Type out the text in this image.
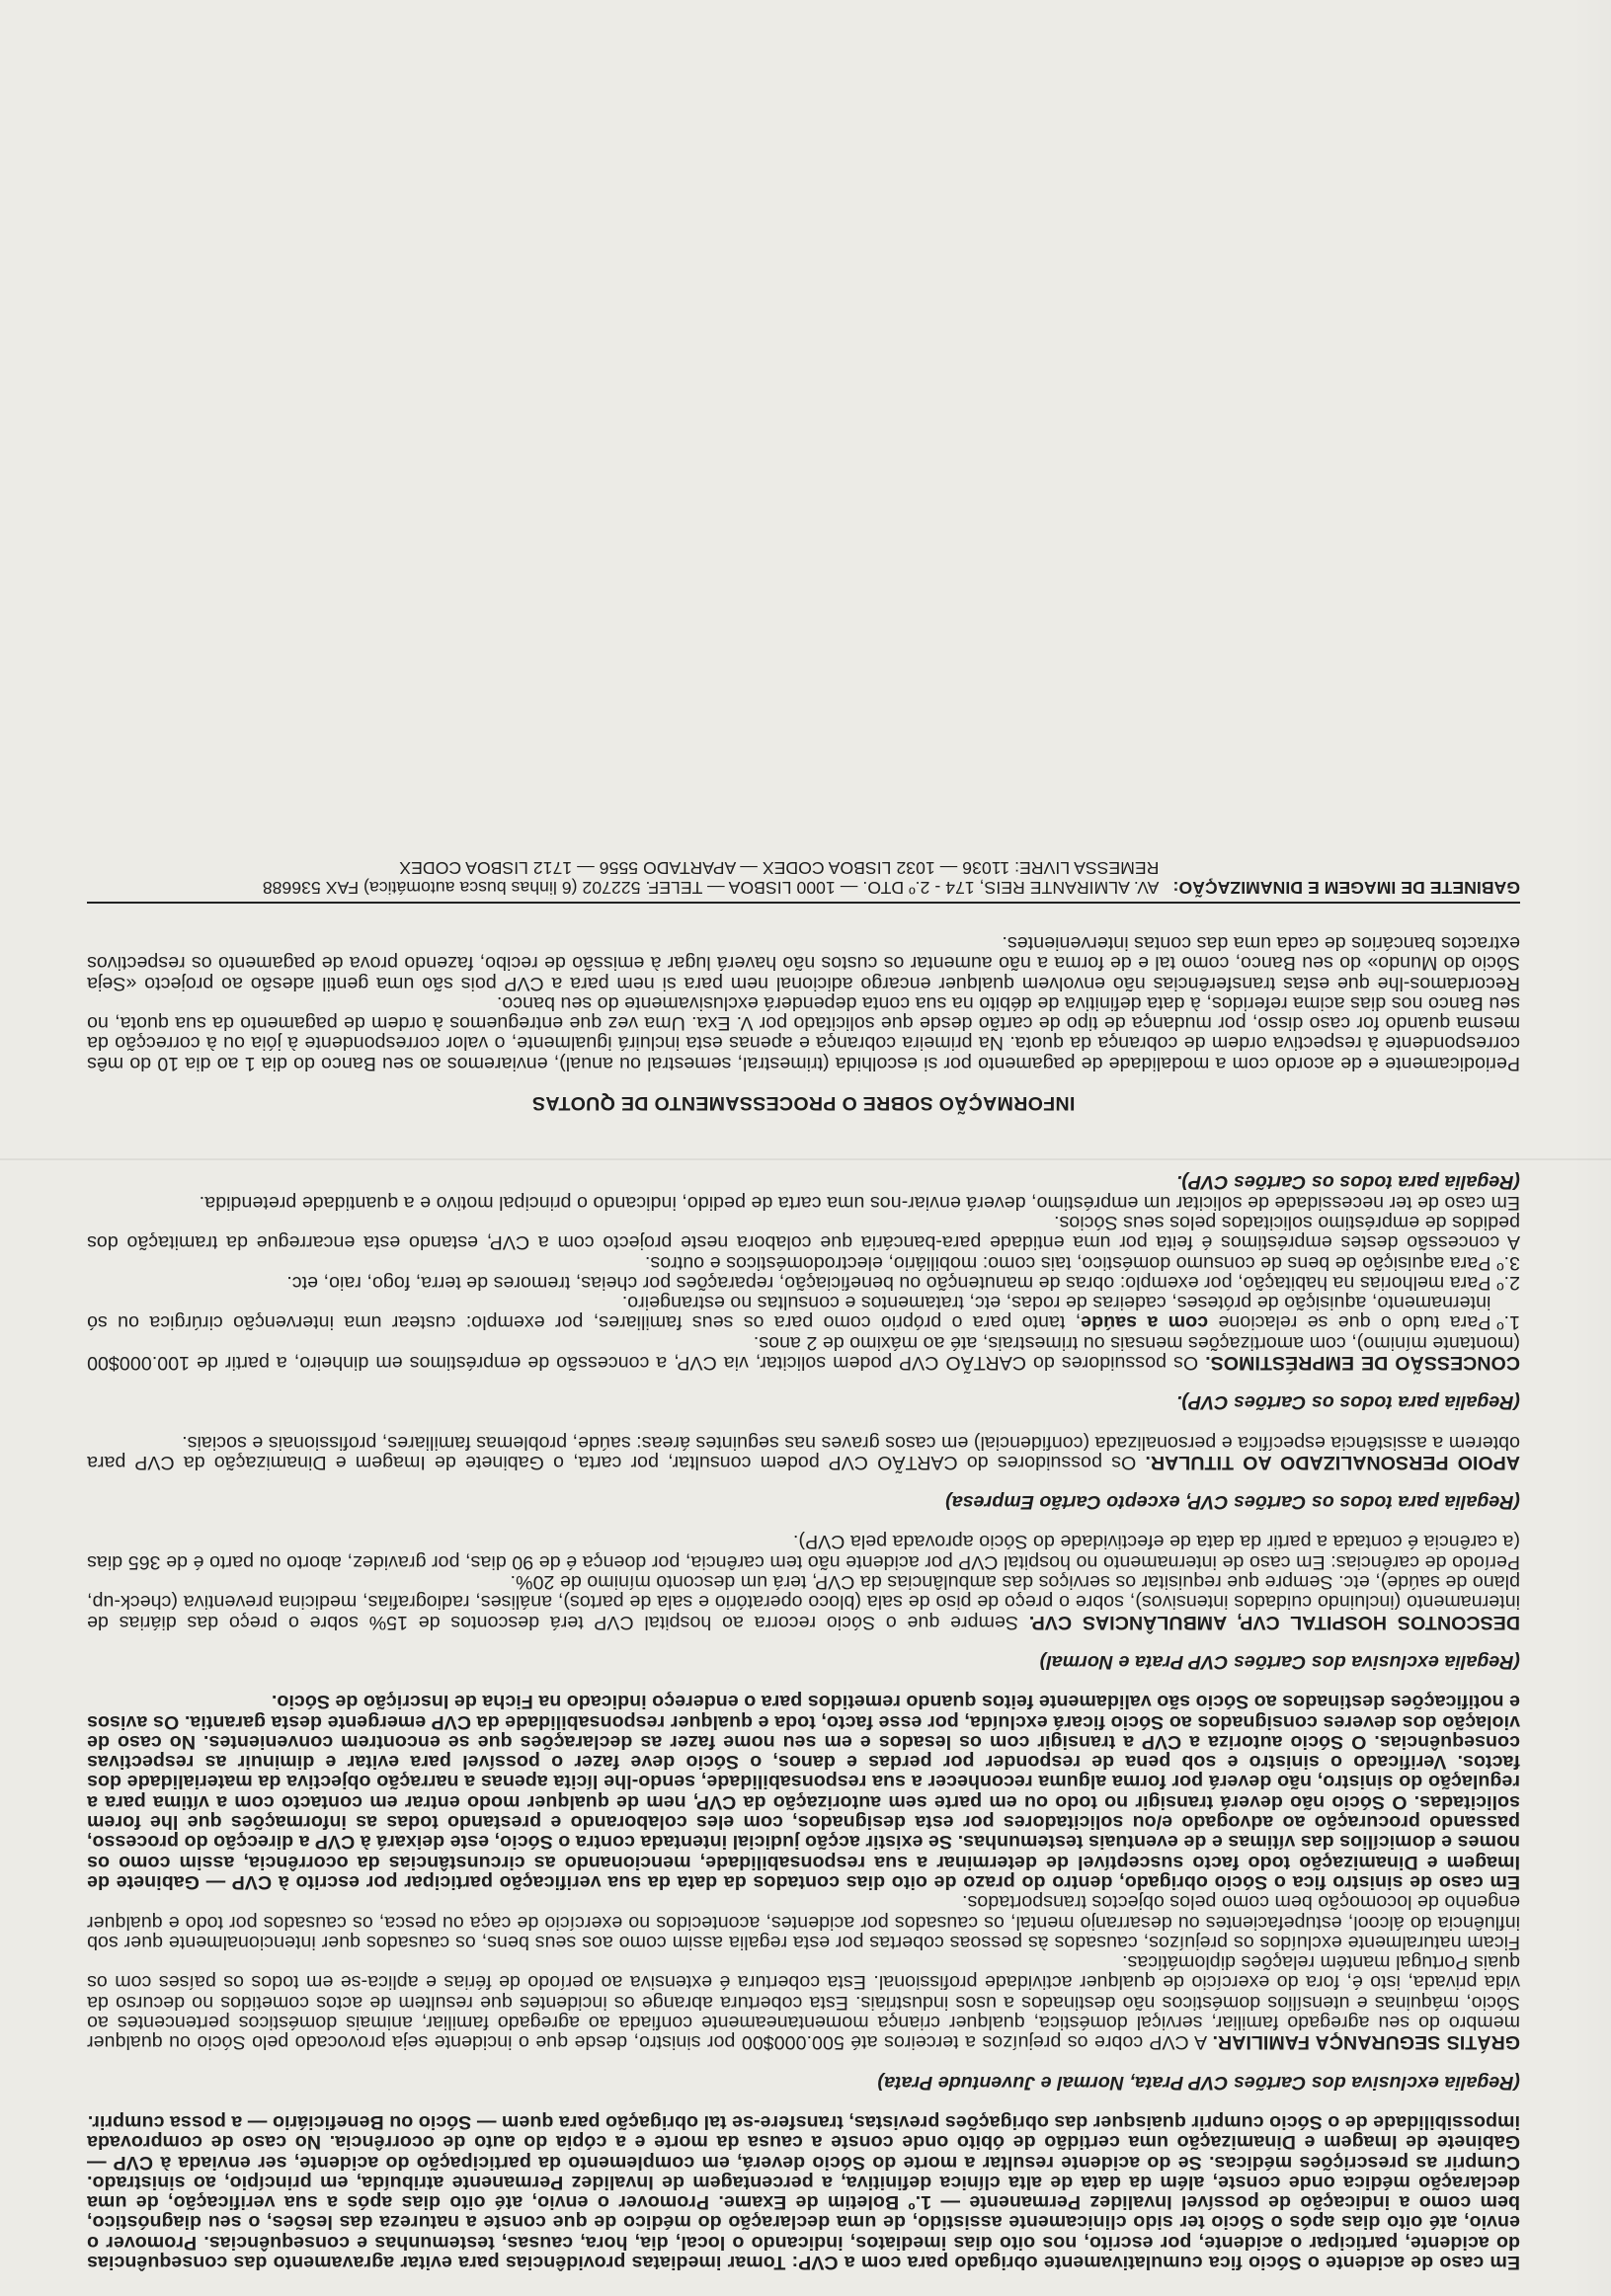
Em caso de acidente o Sócio fica cumulativamente obrigado para com a CVP: Tomar imediatas providências para evitar agravamento das consequências do acidente, participar o acidente, por escrito, nos oito dias imediatos, indicando o local, dia, hora, causas, testemunhas e consequências. Promover o envio, até oito dias após o Sócio ter sido clinicamente assistido, de uma declaração do médico de que conste a natureza das lesões, o seu diagnóstico, bem como a indicação de possível Invalidez Permanente — 1.º Boletim de Exame. Promover o envio, até oito dias após a sua verificação, de uma declaração médica onde conste, além da data de alta clínica definitiva, a percentagem de Invalidez Permanente atribuída, em princípio, ao sinistrado. Cumprir as prescrições médicas. Se do acidente resultar a morte do Sócio deverá, em complemento da participação do acidente, ser enviada à CVP — Gabinete de Imagem e Dinamização uma certidão de óbito onde conste a causa da morte e a cópia do auto de ocorrência. No caso de comprovada impossibilidade de o Sócio cumprir quaisquer das obrigações previstas, transfere-se tal obrigação para quem — Sócio ou Beneficiário — a possa cumprir.

(Regalia exclusiva dos Cartões CVP Prata, Normal e Juventude Prata)

GRÁTIS SEGURANÇA FAMILIAR. A CVP cobre os prejuízos a terceiros até 500.000$00 por sinistro, desde que o incidente seja provocado pelo Sócio ou qualquer membro do seu agregado familiar, serviçal doméstica, qualquer criança momentaneamente confiada ao agregado familiar, animais domésticos pertencentes ao Sócio, máquinas e utensílios domésticos não destinados a usos industriais. Esta cobertura abrange os incidentes que resultem de actos cometidos no decurso da vida privada, isto é, fora do exercício de qualquer actividade profissional. Esta cobertura é extensiva ao período de férias e aplica-se em todos os países com os quais Portugal mantém relações diplomáticas.

Ficam naturalmente excluídos os prejuízos, causados às pessoas cobertas por esta regalia assim como aos seus bens, os causados quer intencionalmente quer sob influência do álcool, estupefacientes ou desarranjo mental, os causados por acidentes, acontecidos no exercício de caça ou pesca, os causados por todo e qualquer engenho de locomoção bem como pelos objectos transportados.

Em caso de sinistro fica o Sócio obrigado, dentro do prazo de oito dias contados da data da sua verificação participar por escrito à CVP — Gabinete de Imagem e Dinamização todo facto susceptível de determinar a sua responsabilidade, mencionando as circunstâncias da ocorrência, assim como os nomes e domicílios das vítimas e de eventuais testemunhas. Se existir acção judicial intentada contra o Sócio, este deixará à CVP a direcção do processo, passando procuração ao advogado e/ou solicitadores por esta designados, com eles colaborando e prestando todas as informações que lhe forem solicitadas. O Sócio não deverá transigir no todo ou em parte sem autorização da CVP, nem de qualquer modo entrar em contacto com a vítima para a regulação do sinistro, não deverá por forma alguma reconhecer a sua responsabilidade, sendo-lhe lícita apenas a narração objectiva da materialidade dos factos. Verificado o sinistro e sob pena de responder por perdas e danos, o Sócio deve fazer o possível para evitar e diminuir as respectivas consequências. O Sócio autoriza a CVP a transigir com os lesados e em seu nome fazer as declarações que se encontrem convenientes. No caso de violação dos deveres consignados ao Sócio ficará excluída, por esse facto, toda e qualquer responsabilidade da CVP emergente desta garantia. Os avisos e notificações destinados ao Sócio são validamente feitos quando remetidos para o endereço indicado na Ficha de Inscrição de Sócio.

(Regalia exclusiva dos Cartões CVP Prata e Normal)

DESCONTOS HOSPITAL CVP, AMBULÂNCIAS CVP. Sempre que o Sócio recorra ao hospital CVP terá descontos de 15% sobre o preço das diárias de internamento (incluindo cuidados intensivos), sobre o preço de piso de sala (bloco operatório e sala de partos), análises, radiografias, medicina preventiva (check-up, plano de saúde), etc. Sempre que requisitar os serviços das ambulâncias da CVP, terá um desconto mínimo de 20%.

Período de carências: Em caso de internamento no hospital CVP por acidente não tem carência, por doença é de 90 dias, por gravidez, aborto ou parto é de 365 dias (a carência é contada a partir da data de efectividade do Sócio aprovada pela CVP).

(Regalia para todos os Cartões CVP, excepto Cartão Empresa)

APOIO PERSONALIZADO AO TITULAR. Os possuidores do CARTÃO CVP podem consultar, por carta, o Gabinete de Imagem e Dinamização da CVP para obterem a assistência específica e personalizada (confidencial) em casos graves nas seguintes áreas: saúde, problemas familiares, profissionais e sociais.

(Regalia para todos os Cartões CVP).

CONCESSÃO DE EMPRÉSTIMOS. Os possuidores do CARTÃO CVP podem solicitar, via CVP, a concessão de empréstimos em dinheiro, a partir de 100.000$00 (montante mínimo), com amortizações mensais ou trimestrais, até ao máximo de 2 anos.

1.º
Para tudo o que se relacione com a saúde, tanto para o próprio como para os seus familiares, por exemplo: custear uma intervenção cirúrgica ou só internamento, aquisição de próteses, cadeiras de rodas, etc, tratamentos e consultas no estrangeiro.
2.º
Para melhorias na habitação, por exemplo: obras de manutenção ou beneficiação, reparações por cheias, tremores de terra, fogo, raio, etc.
3.º
Para aquisição de bens de consumo doméstico, tais como: mobiliário, electrodomésticos e outros.

A concessão destes empréstimos é feita por uma entidade para-bancária que colabora neste projecto com a CVP, estando esta encarregue da tramitação dos pedidos de empréstimo solicitados pelos seus Sócios.

Em caso de ter necessidade de solicitar um empréstimo, deverá enviar-nos uma carta de pedido, indicando o principal motivo e a quantidade pretendida.

(Regalia para todos os Cartões CVP).

INFORMAÇÃO SOBRE O PROCESSAMENTO DE QUOTAS

Periodicamente e de acordo com a modalidade de pagamento por si escolhida (trimestral, semestral ou anual), enviaremos ao seu Banco do dia 1 ao dia 10 do mês correspondente à respectiva ordem de cobrança da quota. Na primeira cobrança e apenas esta incluirá igualmente, o valor correspondente à jóia ou à correcção da mesma quando for caso disso, por mudança de tipo de cartão desde que solicitado por V. Exa. Uma vez que entreguemos à ordem de pagamento da sua quota, no seu Banco nos dias acima referidos, à data definitiva de débito na sua conta dependerá exclusivamente do seu banco.

Recordamos-lhe que estas transferências não envolvem qualquer encargo adicional nem para si nem para a CVP pois são uma gentil adesão ao projecto «Seja Sócio do Mundo» do seu Banco, como tal e de forma a não aumentar os custos não haverá lugar à emissão de recibo, fazendo prova de pagamento os respectivos extractos bancários de cada uma das contas intervenientes.

GABINETE DE IMAGEM E DINAMIZAÇÃO:
AV. ALMIRANTE REIS, 174 - 2.º DTO. — 1000 LISBOA — TELEF. 522702 (6 linhas busca automática) FAX 536688
REMESSA LIVRE: 11036 — 1032 LISBOA CODEX — APARTADO 5556 — 1712 LISBOA CODEX
